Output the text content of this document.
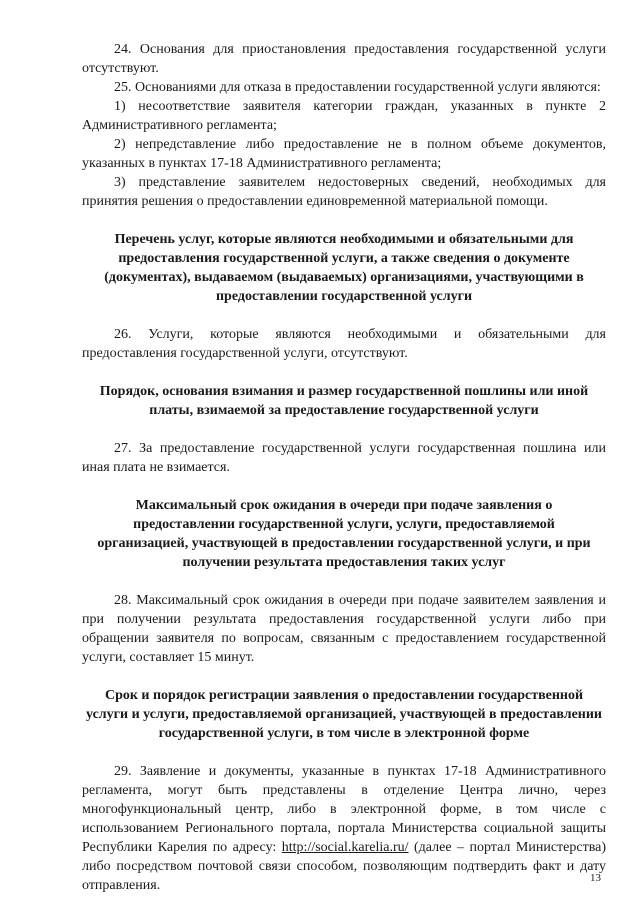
24. Основания для приостановления предоставления государственной услуги отсутствуют.

25. Основаниями для отказа в предоставлении государственной услуги являются:

1) несоответствие заявителя категории граждан, указанных в пункте 2 Административного регламента;

2) непредставление либо предоставление не в полном объеме документов, указанных в пунктах 17-18 Административного регламента;

3) представление заявителем недостоверных сведений, необходимых для принятия решения о предоставлении единовременной материальной помощи.

Перечень услуг, которые являются необходимыми и обязательными для предоставления государственной услуги, а также сведения о документе (документах), выдаваемом (выдаваемых) организациями, участвующими в предоставлении государственной услуги

26. Услуги, которые являются необходимыми и обязательными для предоставления государственной услуги, отсутствуют.

Порядок, основания взимания и размер государственной пошлины или иной платы, взимаемой за предоставление государственной услуги

27. За предоставление государственной услуги государственная пошлина или иная плата не взимается.

Максимальный срок ожидания в очереди при подаче заявления о предоставлении государственной услуги, услуги, предоставляемой организацией, участвующей в предоставлении государственной услуги, и при получении результата предоставления таких услуг

28. Максимальный срок ожидания в очереди при подаче заявителем заявления и при получении результата предоставления государственной услуги либо при обращении заявителя по вопросам, связанным с предоставлением государственной услуги, составляет 15 минут.

Срок и порядок регистрации заявления о предоставлении государственной услуги и услуги, предоставляемой организацией, участвующей в предоставлении государственной услуги, в том числе в электронной форме

29. Заявление и документы, указанные в пунктах 17-18 Административного регламента, могут быть представлены в отделение Центра лично, через многофункциональный центр, либо в электронной форме, в том числе с использованием Регионального портала, портала Министерства социальной защиты Республики Карелия по адресу: http://social.karelia.ru/ (далее – портал Министерства) либо посредством почтовой связи способом, позволяющим подтвердить факт и дату отправления.	13
